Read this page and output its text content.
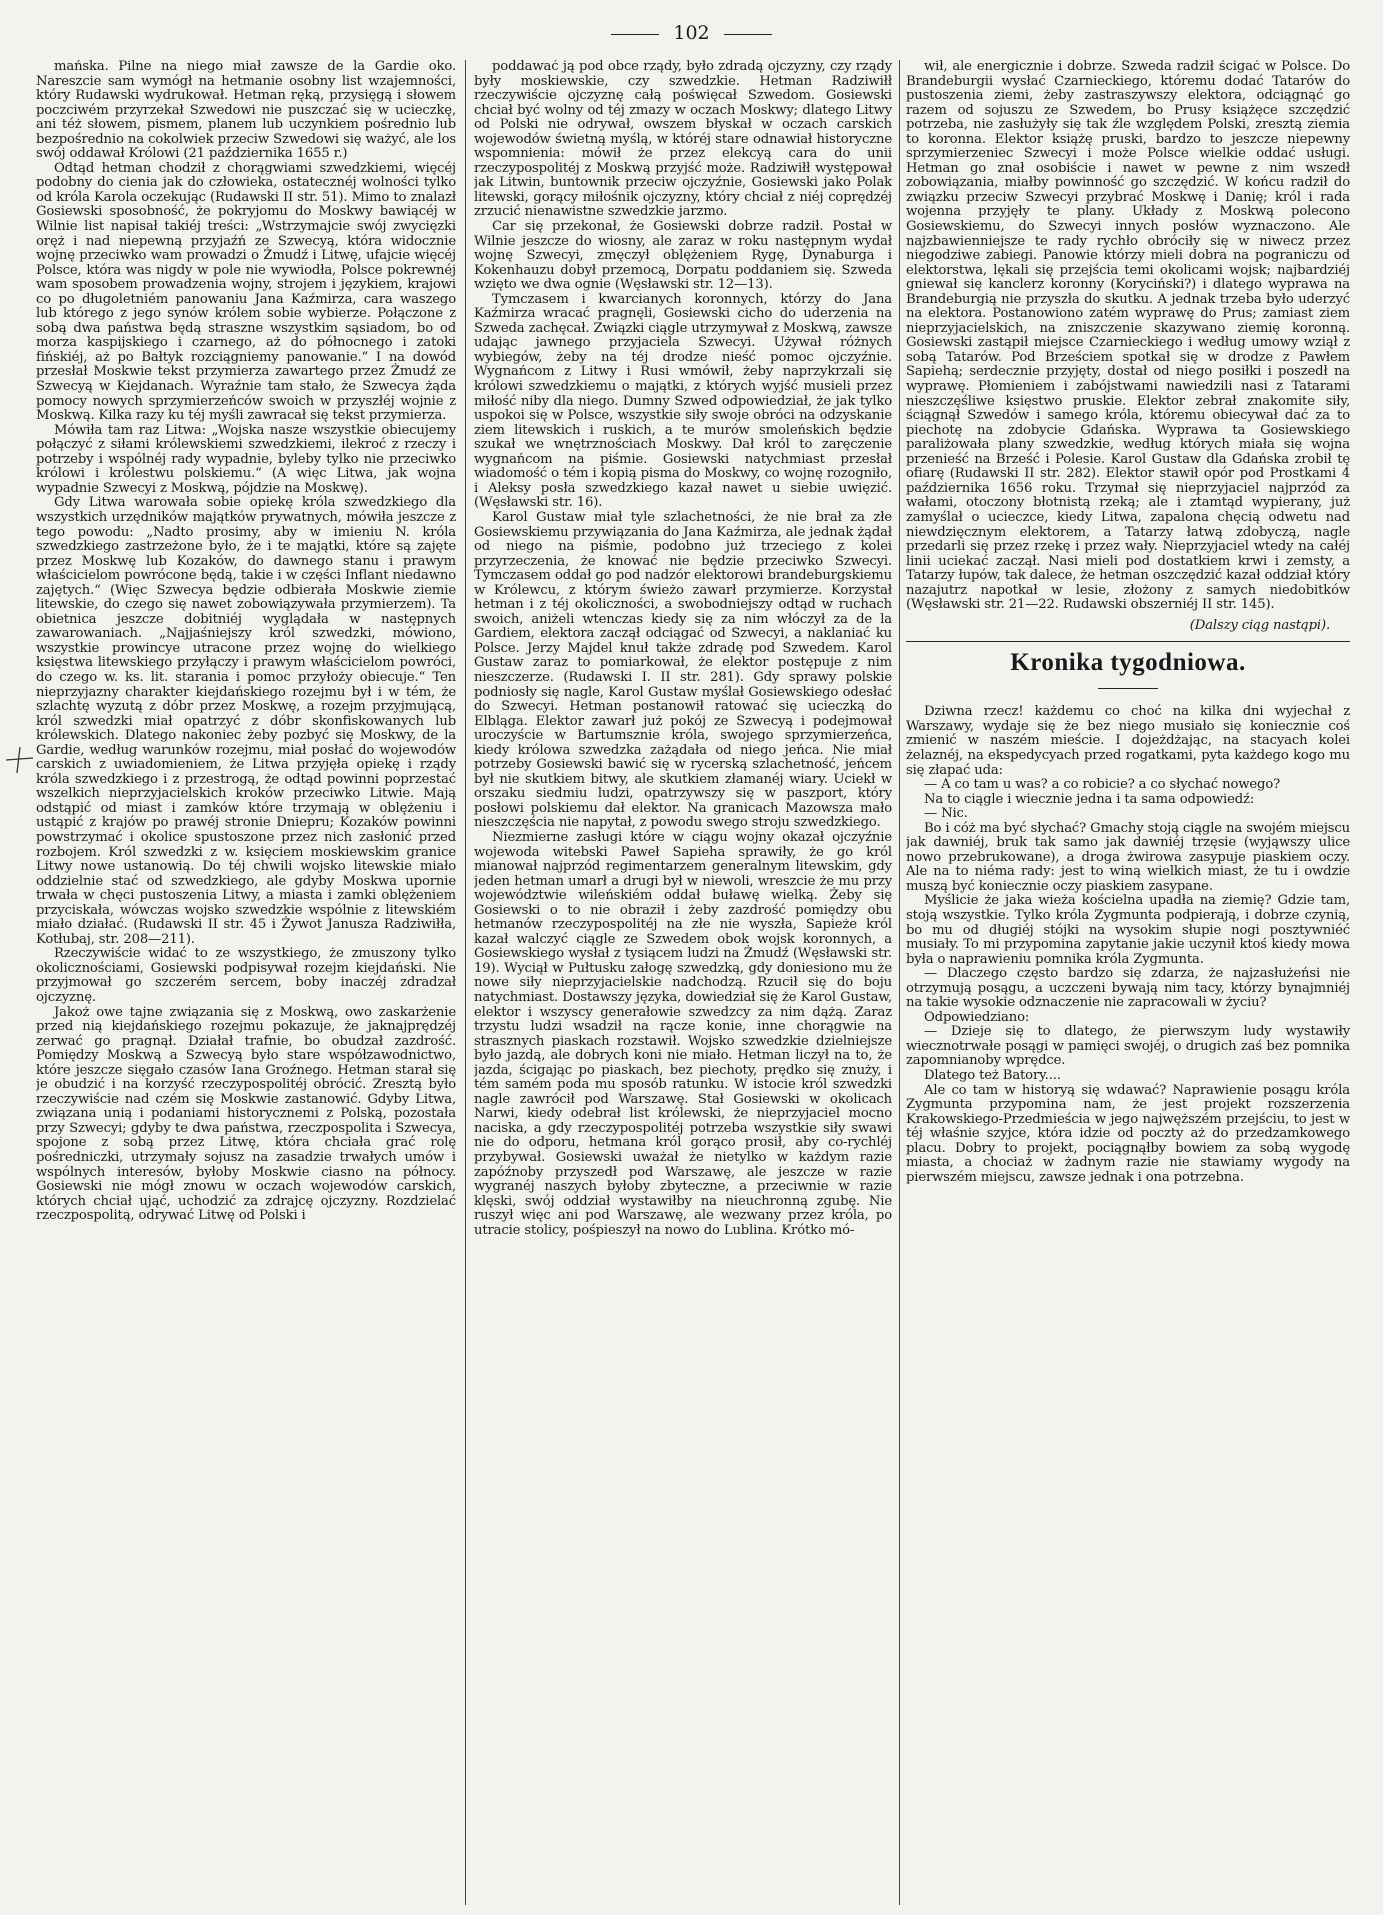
102

mańska. Pilne na niego miał zawsze de la Gardie oko. Nareszcie sam wymógł na hetmanie osobny list wzajemności, który Rudawski wydrukował. Hetman ręką, przysięgą i słowem poczciwém przyrzekał Szwedowi nie puszczać się w ucieczkę, ani téż słowem, pismem, planem lub uczynkiem pośrednio lub bezpośrednio na cokolwiek przeciw Szwedowi się ważyć, ale los swój oddawał Królowi (21 października 1655 r.)

Odtąd hetman chodził z chorągwiami szwedzkiemi, więcéj podobny do cienia jak do człowieka, ostatecznéj wolności tylko od króla Karola oczekując (Rudawski II str. 51). Mimo to znalazł Gosiewski sposobność, że pokryjomu do Moskwy bawiącéj w Wilnie list napisał takiéj treści: „Wstrzymajcie swój zwycięzki oręż i nad niepewną przyjaźń ze Szwecyą, która widocznie wojnę przeciwko wam prowadzi o Żmudź i Litwę, ufajcie więcéj Polsce, która was nigdy w pole nie wywiodła, Polsce pokrewnéj wam sposobem prowadzenia wojny, strojem i językiem, krajowi co po długoletniém panowaniu Jana Kaźmirza, cara waszego lub którego z jego synów królem sobie wybierze. Połączone z sobą dwa państwa będą straszne wszystkim sąsiadom, bo od morza kaspijskiego i czarnego, aż do północnego i zatoki fińskiéj, aż po Bałtyk rozciągniemy panowanie.“ I na dowód przesłał Moskwie tekst przymierza zawartego przez Żmudź ze Szwecyą w Kiejdanach. Wyraźnie tam stało, że Szwecya żąda pomocy nowych sprzymierzeńców swoich w przyszłéj wojnie z Moskwą. Kilka razy ku téj myśli zawracał się tekst przymierza.

Mówiła tam raz Litwa: „Wojska nasze wszystkie obiecujemy połączyć z siłami królewskiemi szwedzkiemi, ilekroć z rzeczy i potrzeby i wspólnéj rady wypadnie, byleby tylko nie przeciwko królowi i królestwu polskiemu.“ (A więc Litwa, jak wojna wypadnie Szwecyi z Moskwą, pójdzie na Moskwę).

Gdy Litwa warowała sobie opiekę króla szwedzkiego dla wszystkich urzędników majątków prywatnych, mówiła jeszcze z tego powodu: „Nadto prosimy, aby w imieniu N. króla szwedzkiego zastrzeżone było, że i te majątki, które są zajęte przez Moskwę lub Kozaków, do dawnego stanu i prawym właścicielom powrócone będą, takie i w części Inflant niedawno zajętych.“ (Więc Szwecya będzie odbierała Moskwie ziemie litewskie, do czego się nawet zobowiązywała przymierzem). Ta obietnica jeszcze dobitniéj wyglądała w następnych zawarowaniach. „Najjaśniejszy król szwedzki, mówiono, wszystkie prowincye utracone przez wojnę do wielkiego księstwa litewskiego przyłączy i prawym właścicielom powróci, do czego w. ks. lit. starania i pomoc przyłoży obiecuje.“ Ten nieprzyjazny charakter kiejdańskiego rozejmu był i w tém, że szlachtę wyzutą z dóbr przez Moskwę, a rozejm przyjmującą, król szwedzki miał opatrzyć z dóbr skonfiskowanych lub królewskich. Dlatego nakoniec żeby pozbyć się Moskwy, de la Gardie, według warunków rozejmu, miał posłać do wojewodów carskich z uwiadomieniem, że Litwa przyjęła opiekę i rządy króla szwedzkiego i z przestrogą, że odtąd powinni poprzestać wszelkich nieprzyjacielskich kroków przeciwko Litwie. Mają odstąpić od miast i zamków które trzymają w oblężeniu i ustąpić z krajów po prawéj stronie Dniepru; Kozaków powinni powstrzymać i okolice spustoszone przez nich zasłonić przed rozbojem. Król szwedzki z w. księciem moskiewskim granice Litwy nowe ustanowią. Do téj chwili wojsko litewskie miało oddzielnie stać od szwedzkiego, ale gdyby Moskwa upornie trwała w chęci pustoszenia Litwy, a miasta i zamki oblężeniem przyciskała, wówczas wojsko szwedzkie wspólnie z litewskiém miało działać. (Rudawski II str. 45 i Żywot Janusza Radziwiłła, Kotłubaj, str. 208—211).

Rzeczywiście widać to ze wszystkiego, że zmuszony tylko okolicznościami, Gosiewski podpisywał rozejm kiejdański. Nie przyjmował go szczerém sercem, boby inaczéj zdradzał ojczyznę.

Jakoż owe tajne związania się z Moskwą, owo zaskarżenie przed nią kiejdańskiego rozejmu pokazuje, że jaknajprędzéj zerwać go pragnął. Działał trafnie, bo obudzał zazdrość. Pomiędzy Moskwą a Szwecyą było stare współzawodnictwo, które jeszcze sięgało czasów Iana Groźnego. Hetman starał się je obudzić i na korzyść rzeczypospolitéj obrócić. Zresztą było rzeczywiście nad czém się Moskwie zastanowić. Gdyby Litwa, związana unią i podaniami historycznemi z Polską, pozostała przy Szwecyi; gdyby te dwa państwa, rzeczpospolita i Szwecya, spojone z sobą przez Litwę, która chciała grać rolę pośredniczki, utrzymały sojusz na zasadzie trwałych umów i wspólnych interesów, byłoby Moskwie ciasno na północy. Gosiewski nie mógł znowu w oczach wojewodów carskich, których chciał ująć, uchodzić za zdrajcę ojczyzny. Rozdzielać rzeczpospolitą, odrywać Litwę od Polski i

poddawać ją pod obce rządy, było zdradą ojczyzny, czy rządy były moskiewskie, czy szwedzkie. Hetman Radziwiłł rzeczywiście ojczyznę całą poświęcał Szwedom. Gosiewski chciał być wolny od téj zmazy w oczach Moskwy; dlatego Litwy od Polski nie odrywał, owszem błyskał w oczach carskich wojewodów świetną myślą, w któréj stare odnawiał historyczne wspomnienia: mówił że przez elekcyą cara do unii rzeczypospolitéj z Moskwą przyjść może. Radziwiłł występował jak Litwin, buntownik przeciw ojczyźnie, Gosiewski jako Polak litewski, gorący miłośnik ojczyzny, który chciał z niéj coprędzéj zrzucić nienawistne szwedzkie jarzmo.

Car się przekonał, że Gosiewski dobrze radził. Postał w Wilnie jeszcze do wiosny, ale zaraz w roku następnym wydał wojnę Szwecyi, zmęczył oblężeniem Rygę, Dynaburga i Kokenhauzu dobył przemocą, Dorpatu poddaniem się. Szweda wzięto we dwa ognie (Węsławski str. 12—13).

Tymczasem i kwarcianych koronnych, którzy do Jana Kaźmirza wracać pragnęli, Gosiewski cicho do uderzenia na Szweda zachęcał. Związki ciągle utrzymywał z Moskwą, zawsze udając jawnego przyjaciela Szwecyi. Używał różnych wybiegów, żeby na téj drodze nieść pomoc ojczyźnie. Wygnańcom z Litwy i Rusi wmówił, żeby naprzykrzali się królowi szwedzkiemu o majątki, z których wyjść musieli przez miłość niby dla niego. Dumny Szwed odpowiedział, że jak tylko uspokoi się w Polsce, wszystkie siły swoje obróci na odzyskanie ziem litewskich i ruskich, a te murów smoleńskich będzie szukał we wnętrznościach Moskwy. Dał król to zaręczenie wygnańcom na piśmie. Gosiewski natychmiast przesłał wiadomość o tém i kopią pisma do Moskwy, co wojnę rozogniło, i Aleksy posła szwedzkiego kazał nawet u siebie uwięzić. (Węsławski str. 16).

Karol Gustaw miał tyle szlachetności, że nie brał za złe Gosiewskiemu przywiązania do Jana Kaźmirza, ale jednak żądał od niego na piśmie, podobno już trzeciego z kolei przyrzeczenia, że knować nie będzie przeciwko Szwecyi. Tymczasem oddał go pod nadzór elektorowi brandeburgskiemu w Królewcu, z którym świeżo zawarł przymierze. Korzystał hetman i z téj okoliczności, a swobodniejszy odtąd w ruchach swoich, aniżeli wtenczas kiedy się za nim włóczył za de la Gardiem, elektora zaczął odciągać od Szwecyi, a naklaniać ku Polsce. Jerzy Majdel knuł także zdradę pod Szwedem. Karol Gustaw zaraz to pomiarkował, że elektor postępuje z nim nieszczerze. (Rudawski I. II str. 281). Gdy sprawy polskie podniosły się nagle, Karol Gustaw myślał Gosiewskiego odesłać do Szwecyi. Hetman postanowił ratować się ucieczką do Elbląga. Elektor zawarł już pokój ze Szwecyą i podejmował uroczyście w Bartumsznie króla, swojego sprzymierzeńca, kiedy królowa szwedzka zażądała od niego jeńca. Nie miał potrzeby Gosiewski bawić się w rycerską szlachetność, jeńcem był nie skutkiem bitwy, ale skutkiem złamanéj wiary. Uciekł w orszaku siedmiu ludzi, opatrzywszy się w paszport, który posłowi polskiemu dał elektor. Na granicach Mazowsza mało nieszczęścia nie napytał, z powodu swego stroju szwedzkiego.

Niezmierne zasługi które w ciągu wojny okazał ojczyźnie wojewoda witebski Paweł Sapieha sprawiły, że go król mianował najprzód regimentarzem generalnym litewskim, gdy jeden hetman umarł a drugi był w niewoli, wreszcie że mu przy województwie wileńskiém oddał buławę wielką. Żeby się Gosiewski o to nie obraził i żeby zazdrość pomiędzy obu hetmanów rzeczypospolitéj na złe nie wyszła, Sapieże król kazał walczyć ciągle ze Szwedem obok wojsk koronnych, a Gosiewskiego wysłał z tysiącem ludzi na Żmudź (Węsławski str. 19). Wyciął w Pułtusku załogę szwedzką, gdy doniesiono mu że nowe siły nieprzyjacielskie nadchodzą. Rzucił się do boju natychmiast. Dostawszy języka, dowiedział się że Karol Gustaw, elektor i wszyscy generałowie szwedzcy za nim dążą. Zaraz trzystu ludzi wsadził na rącze konie, inne chorągwie na strasznych piaskach rozstawił. Wojsko szwedzkie dzielniejsze było jazdą, ale dobrych koni nie miało. Hetman liczył na to, że jazda, ścigając po piaskach, bez piechoty, prędko się znuży, i tém samém poda mu sposób ratunku. W istocie król szwedzki nagle zawrócił pod Warszawę. Stał Gosiewski w okolicach Narwi, kiedy odebrał list królewski, że nieprzyjaciel mocno naciska, a gdy rzeczypospolitéj potrzeba wszystkie siły swawi nie do odporu, hetmana król gorąco prosił, aby co-rychléj przybywał. Gosiewski uważał że nietylko w każdym razie zapóźnoby przyszedł pod Warszawę, ale jeszcze w razie wygranéj naszych byłoby zbyteczne, a przeciwnie w razie klęski, swój oddział wystawiłby na nieuchronną zgubę. Nie ruszył więc ani pod Warszawę, ale wezwany przez króla, po utracie stolicy, pośpieszył na nowo do Lublina. Krótko mó-

wił, ale energicznie i dobrze. Szweda radził ścigać w Polsce. Do Brandeburgii wysłać Czarnieckiego, któremu dodać Tatarów do pustoszenia ziemi, żeby zastraszywszy elektora, odciągnąć go razem od sojuszu ze Szwedem, bo Prusy książęce szczędzić potrzeba, nie zasłużyły się tak źle względem Polski, zresztą ziemia to koronna. Elektor książę pruski, bardzo to jeszcze niepewny sprzymierzeniec Szwecyi i może Polsce wielkie oddać usługi. Hetman go znał osobiście i nawet w pewne z nim wszedł zobowiązania, miałby powinność go szczędzić. W końcu radził do związku przeciw Szwecyi przybrać Moskwę i Danię; król i rada wojenna przyjęły te plany. Układy z Moskwą polecono Gosiewskiemu, do Szwecyi innych posłów wyznaczono. Ale najzbawienniejsze te rady rychło obróciły się w niwecz przez niegodziwe zabiegi. Panowie którzy mieli dobra na pograniczu od elektorstwa, lękali się przejścia temi okolicami wojsk; najbardziéj gniewał się kanclerz koronny (Koryciński?) i dlatego wyprawa na Brandeburgią nie przyszła do skutku. A jednak trzeba było uderzyć na elektora. Postanowiono zatém wyprawę do Prus; zamiast ziem nieprzyjacielskich, na zniszczenie skazywano ziemię koronną. Gosiewski zastąpił miejsce Czarnieckiego i według umowy wziął z sobą Tatarów. Pod Brześciem spotkał się w drodze z Pawłem Sapiehą; serdecznie przyjęty, dostał od niego posiłki i poszedł na wyprawę. Płomieniem i zabójstwami nawiedzili nasi z Tatarami nieszczęśliwe księstwo pruskie. Elektor zebrał znakomite siły, ściągnął Szwedów i samego króla, któremu obiecywał dać za to piechotę na zdobycie Gdańska. Wyprawa ta Gosiewskiego paraliżowała plany szwedzkie, według których miała się wojna przenieść na Brześć i Polesie. Karol Gustaw dla Gdańska zrobił tę ofiarę (Rudawski II str. 282). Elektor stawił opór pod Prostkami 4 października 1656 roku. Trzymał się nieprzyjaciel najprzód za wałami, otoczony błotnistą rzeką; ale i ztamtąd wypierany, już zamyślał o ucieczce, kiedy Litwa, zapalona chęcią odwetu nad niewdzięcznym elektorem, a Tatarzy łatwą zdobyczą, nagle przedarli się przez rzekę i przez wały. Nieprzyjaciel wtedy na całéj linii uciekać zaczął. Nasi mieli pod dostatkiem krwi i zemsty, a Tatarzy łupów, tak dalece, że hetman oszczędzić kazał oddział który nazajutrz napotkał w lesie, złożony z samych niedobitków (Węsławski str. 21—22. Rudawski obszerniéj II str. 145).

(Dalszy ciąg nastąpi).

Kronika tygodniowa.

Dziwna rzecz! każdemu co choć na kilka dni wyjechał z Warszawy, wydaje się że bez niego musiało się koniecznie coś zmienić w naszém mieście. I dojeżdżając, na stacyach kolei żelaznéj, na ekspedycyach przed rogatkami, pyta każdego kogo mu się złapać uda:

— A co tam u was? a co robicie? a co słychać nowego?

Na to ciągle i wiecznie jedna i ta sama odpowiedź:

— Nic.

Bo i cóż ma być słychać? Gmachy stoją ciągle na swojém miejscu jak dawniéj, bruk tak samo jak dawniéj trzęsie (wyjąwszy ulice nowo przebrukowane), a droga żwirowa zasypuje piaskiem oczy. Ale na to niéma rady: jest to winą wielkich miast, że tu i owdzie muszą być koniecznie oczy piaskiem zasypane.

Myślicie że jaka wieża kościelna upadła na ziemię? Gdzie tam, stoją wszystkie. Tylko króla Zygmunta podpierają, i dobrze czynią, bo mu od długiéj stójki na wysokim słupie nogi posztywniéć musiały. To mi przypomina zapytanie jakie uczynił ktoś kiedy mowa była o naprawieniu pomnika króla Zygmunta.

— Dlaczego często bardzo się zdarza, że najzasłużeńsi nie otrzymują posągu, a uczczeni bywają nim tacy, którzy bynajmniéj na takie wysokie odznaczenie nie zapracowali w życiu?

Odpowiedziano:

— Dzieje się to dlatego, że pierwszym ludy wystawiły wiecznotrwałe posągi w pamięci swojéj, o drugich zaś bez pomnika zapomnianoby wprędce.

Dlatego też Batory....

Ale co tam w historyą się wdawać? Naprawienie posągu króla Zygmunta przypomina nam, że jest projekt rozszerzenia Krakowskiego-Przedmieścia w jego najwęższém przejściu, to jest w téj właśnie szyjce, która idzie od poczty aż do przedzamkowego placu. Dobry to projekt, pociągnąłby bowiem za sobą wygodę miasta, a chociaż w żadnym razie nie stawiamy wygody na pierwszém miejscu, zawsze jednak i ona potrzebna.
